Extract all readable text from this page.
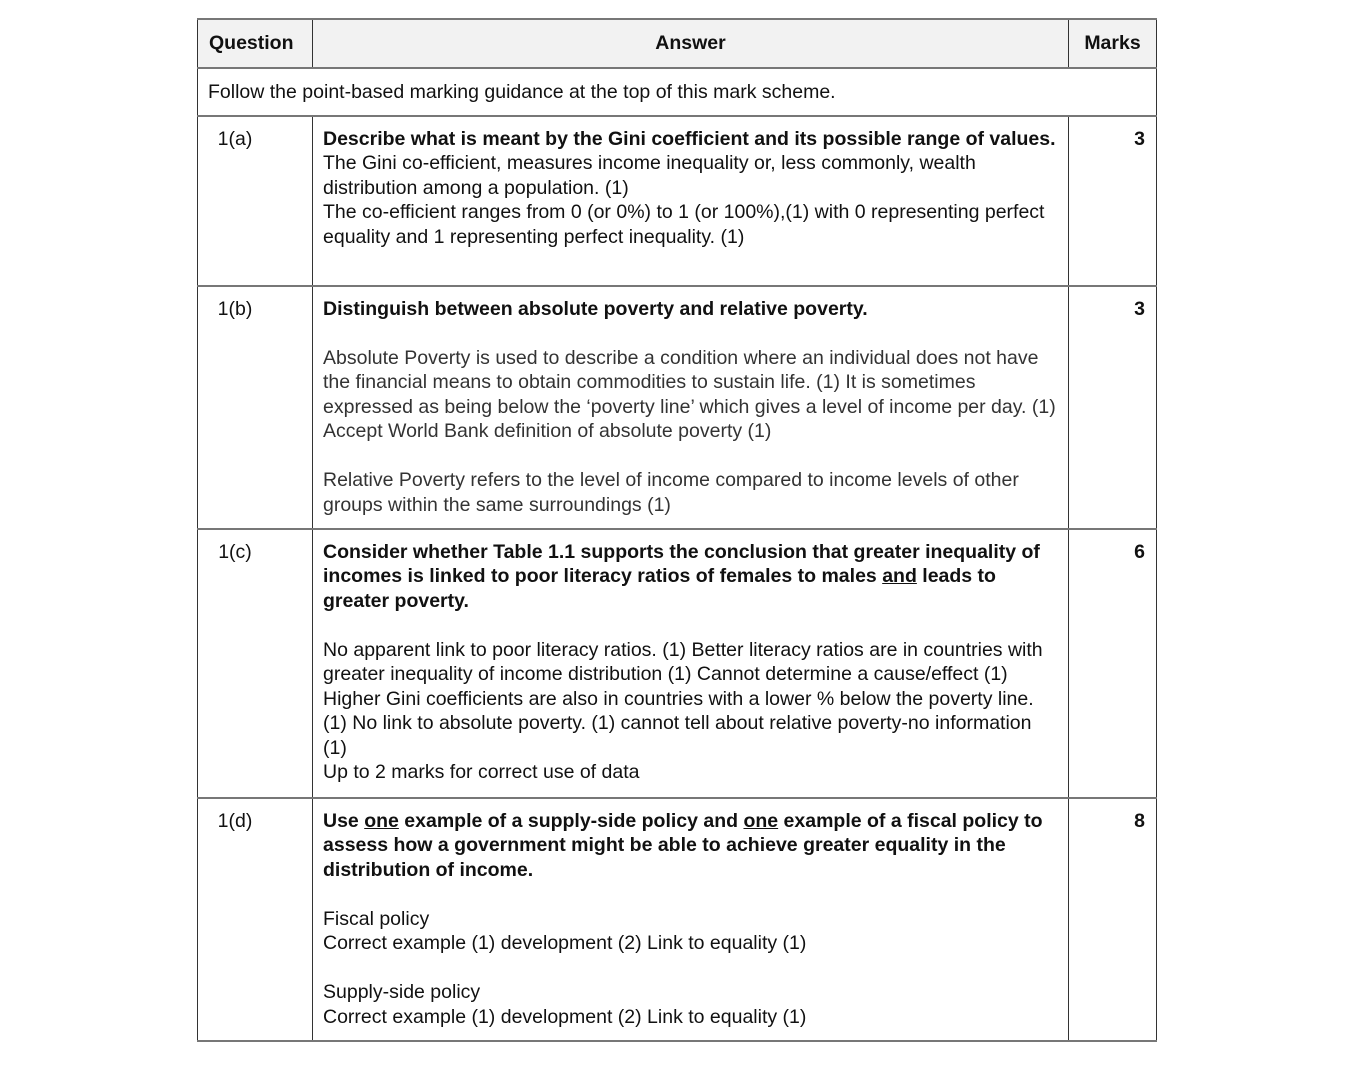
Question	Answer	Marks
Follow the point-based marking guidance at the top of this mark scheme.		
1(a)	Describe what is meant by the Gini coefficient and its possible range of values.
The Gini co-efficient, measures income inequality or, less commonly, wealth distribution among a population. (1)
The co-efficient ranges from 0 (or 0%) to 1 (or 100%),(1) with 0 representing perfect equality and 1 representing perfect inequality. (1)	3
1(b)	Distinguish between absolute poverty and relative poverty.
Absolute Poverty is used to describe a condition where an individual does not have the financial means to obtain commodities to sustain life. (1) It is sometimes expressed as being below the ‘poverty line’ which gives a level of income per day. (1) Accept World Bank definition of absolute poverty (1)
Relative Poverty refers to the level of income compared to income levels of other groups within the same surroundings (1)	3
1(c)	Consider whether Table 1.1 supports the conclusion that greater inequality of incomes is linked to poor literacy ratios of females to males and leads to greater poverty.
No apparent link to poor literacy ratios. (1) Better literacy ratios are in countries with greater inequality of income distribution (1) Cannot determine a cause/effect (1) Higher Gini coefficients are also in countries with a lower % below the poverty line. (1) No link to absolute poverty. (1) cannot tell about relative poverty-no information (1)
Up to 2 marks for correct use of data	6
1(d)	Use one example of a supply-side policy and one example of a fiscal policy to assess how a government might be able to achieve greater equality in the distribution of income.
Fiscal policy
Correct example (1) development (2) Link to equality (1)
Supply-side policy
Correct example (1) development (2) Link to equality (1)	8
